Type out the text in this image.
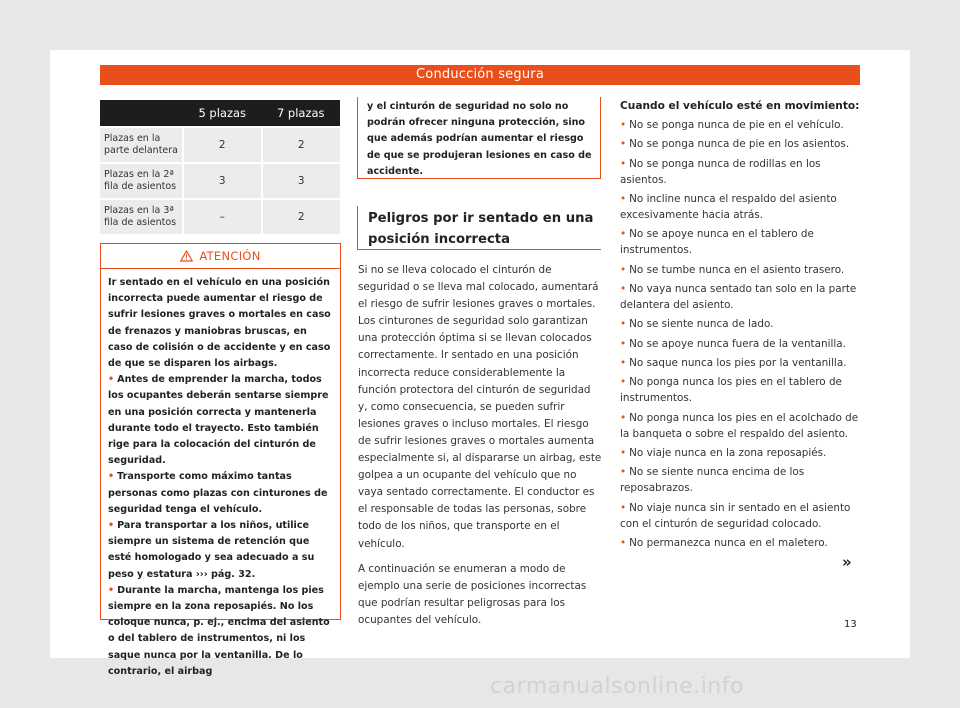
Conducción segura
	5 plazas	7 plazas
Plazas en la parte delantera	2	2
Plazas en la 2ª fila de asientos	3	3
Plazas en la 3ª fila de asientos	–	2
ATENCIÓN

Ir sentado en el vehículo en una posición incorrecta puede aumentar el riesgo de sufrir lesiones graves o mortales en caso de frenazos y maniobras bruscas, en caso de colisión o de accidente y en caso de que se disparen los airbags.

• Antes de emprender la marcha, todos los ocupantes deberán sentarse siempre en una posición correcta y mantenerla durante todo el trayecto. Esto también rige para la colocación del cinturón de seguridad.

• Transporte como máximo tantas personas como plazas con cinturones de seguridad tenga el vehículo.

• Para transportar a los niños, utilice siempre un sistema de retención que esté homologado y sea adecuado a su peso y estatura ››› pág. 32.

• Durante la marcha, mantenga los pies siempre en la zona reposapiés. No los coloque nunca, p. ej., encima del asiento o del tablero de instrumentos, ni los saque nunca por la ventanilla. De lo contrario, el airbag

y el cinturón de seguridad no solo no podrán ofrecer ninguna protección, sino que además podrían aumentar el riesgo de que se produjeran lesiones en caso de accidente.
Peligros por ir sentado en una posición incorrecta

Si no se lleva colocado el cinturón de seguridad o se lleva mal colocado, aumentará el riesgo de sufrir lesiones graves o mortales. Los cinturones de seguridad solo garantizan una protección óptima si se llevan colocados correctamente. Ir sentado en una posición incorrecta reduce considerablemente la función protectora del cinturón de seguridad y, como consecuencia, se pueden sufrir lesiones graves o incluso mortales. El riesgo de sufrir lesiones graves o mortales aumenta especialmente si, al dispararse un airbag, este golpea a un ocupante del vehículo que no vaya sentado correctamente. El conductor es el responsable de todas las personas, sobre todo de los niños, que transporte en el vehículo.

A continuación se enumeran a modo de ejemplo una serie de posiciones incorrectas que podrían resultar peligrosas para los ocupantes del vehículo.

Cuando el vehículo esté en movimiento:
• No se ponga nunca de pie en el vehículo.
• No se ponga nunca de pie en los asientos.
• No se ponga nunca de rodillas en los asientos.
• No incline nunca el respaldo del asiento excesivamente hacia atrás.
• No se apoye nunca en el tablero de instrumentos.
• No se tumbe nunca en el asiento trasero.
• No vaya nunca sentado tan solo en la parte delantera del asiento.
• No se siente nunca de lado.
• No se apoye nunca fuera de la ventanilla.
• No saque nunca los pies por la ventanilla.
• No ponga nunca los pies en el tablero de instrumentos.
• No ponga nunca los pies en el acolchado de la banqueta o sobre el respaldo del asiento.
• No viaje nunca en la zona reposapiés.
• No se siente nunca encima de los reposabrazos.
• No viaje nunca sin ir sentado en el asiento con el cinturón de seguridad colocado.
• No permanezca nunca en el maletero.
»
13
carmanualsonline.info
